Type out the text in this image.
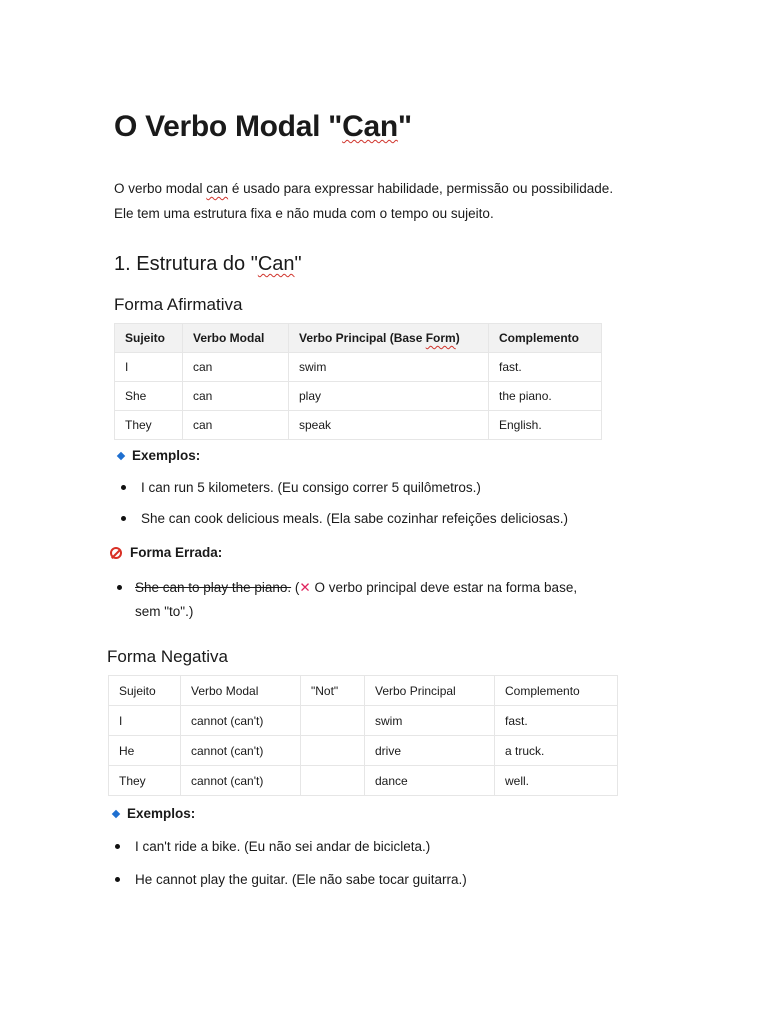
O Verbo Modal "Can"

O verbo modal can é usado para expressar habilidade, permissão ou possibilidade. Ele tem uma estrutura fixa e não muda com o tempo ou sujeito.

1. Estrutura do "Can"
Forma Afirmativa
Sujeito	Verbo Modal	Verbo Principal (Base Form)	Complemento
I	can	swim	fast.
She	can	play	the piano.
They	can	speak	English.
Exemplos:
I can run 5 kilometers. (Eu consigo correr 5 quilômetros.)
She can cook delicious meals. (Ela sabe cozinhar refeições deliciosas.)
Forma Errada:
She can to play the piano. (✕ O verbo principal deve estar na forma base,
sem "to".)
Forma Negativa
Sujeito	Verbo Modal	"Not"	Verbo Principal	Complemento
I	cannot (can't)		swim	fast.
He	cannot (can't)		drive	a truck.
They	cannot (can't)		dance	well.
Exemplos:
I can't ride a bike. (Eu não sei andar de bicicleta.)
He cannot play the guitar. (Ele não sabe tocar guitarra.)
